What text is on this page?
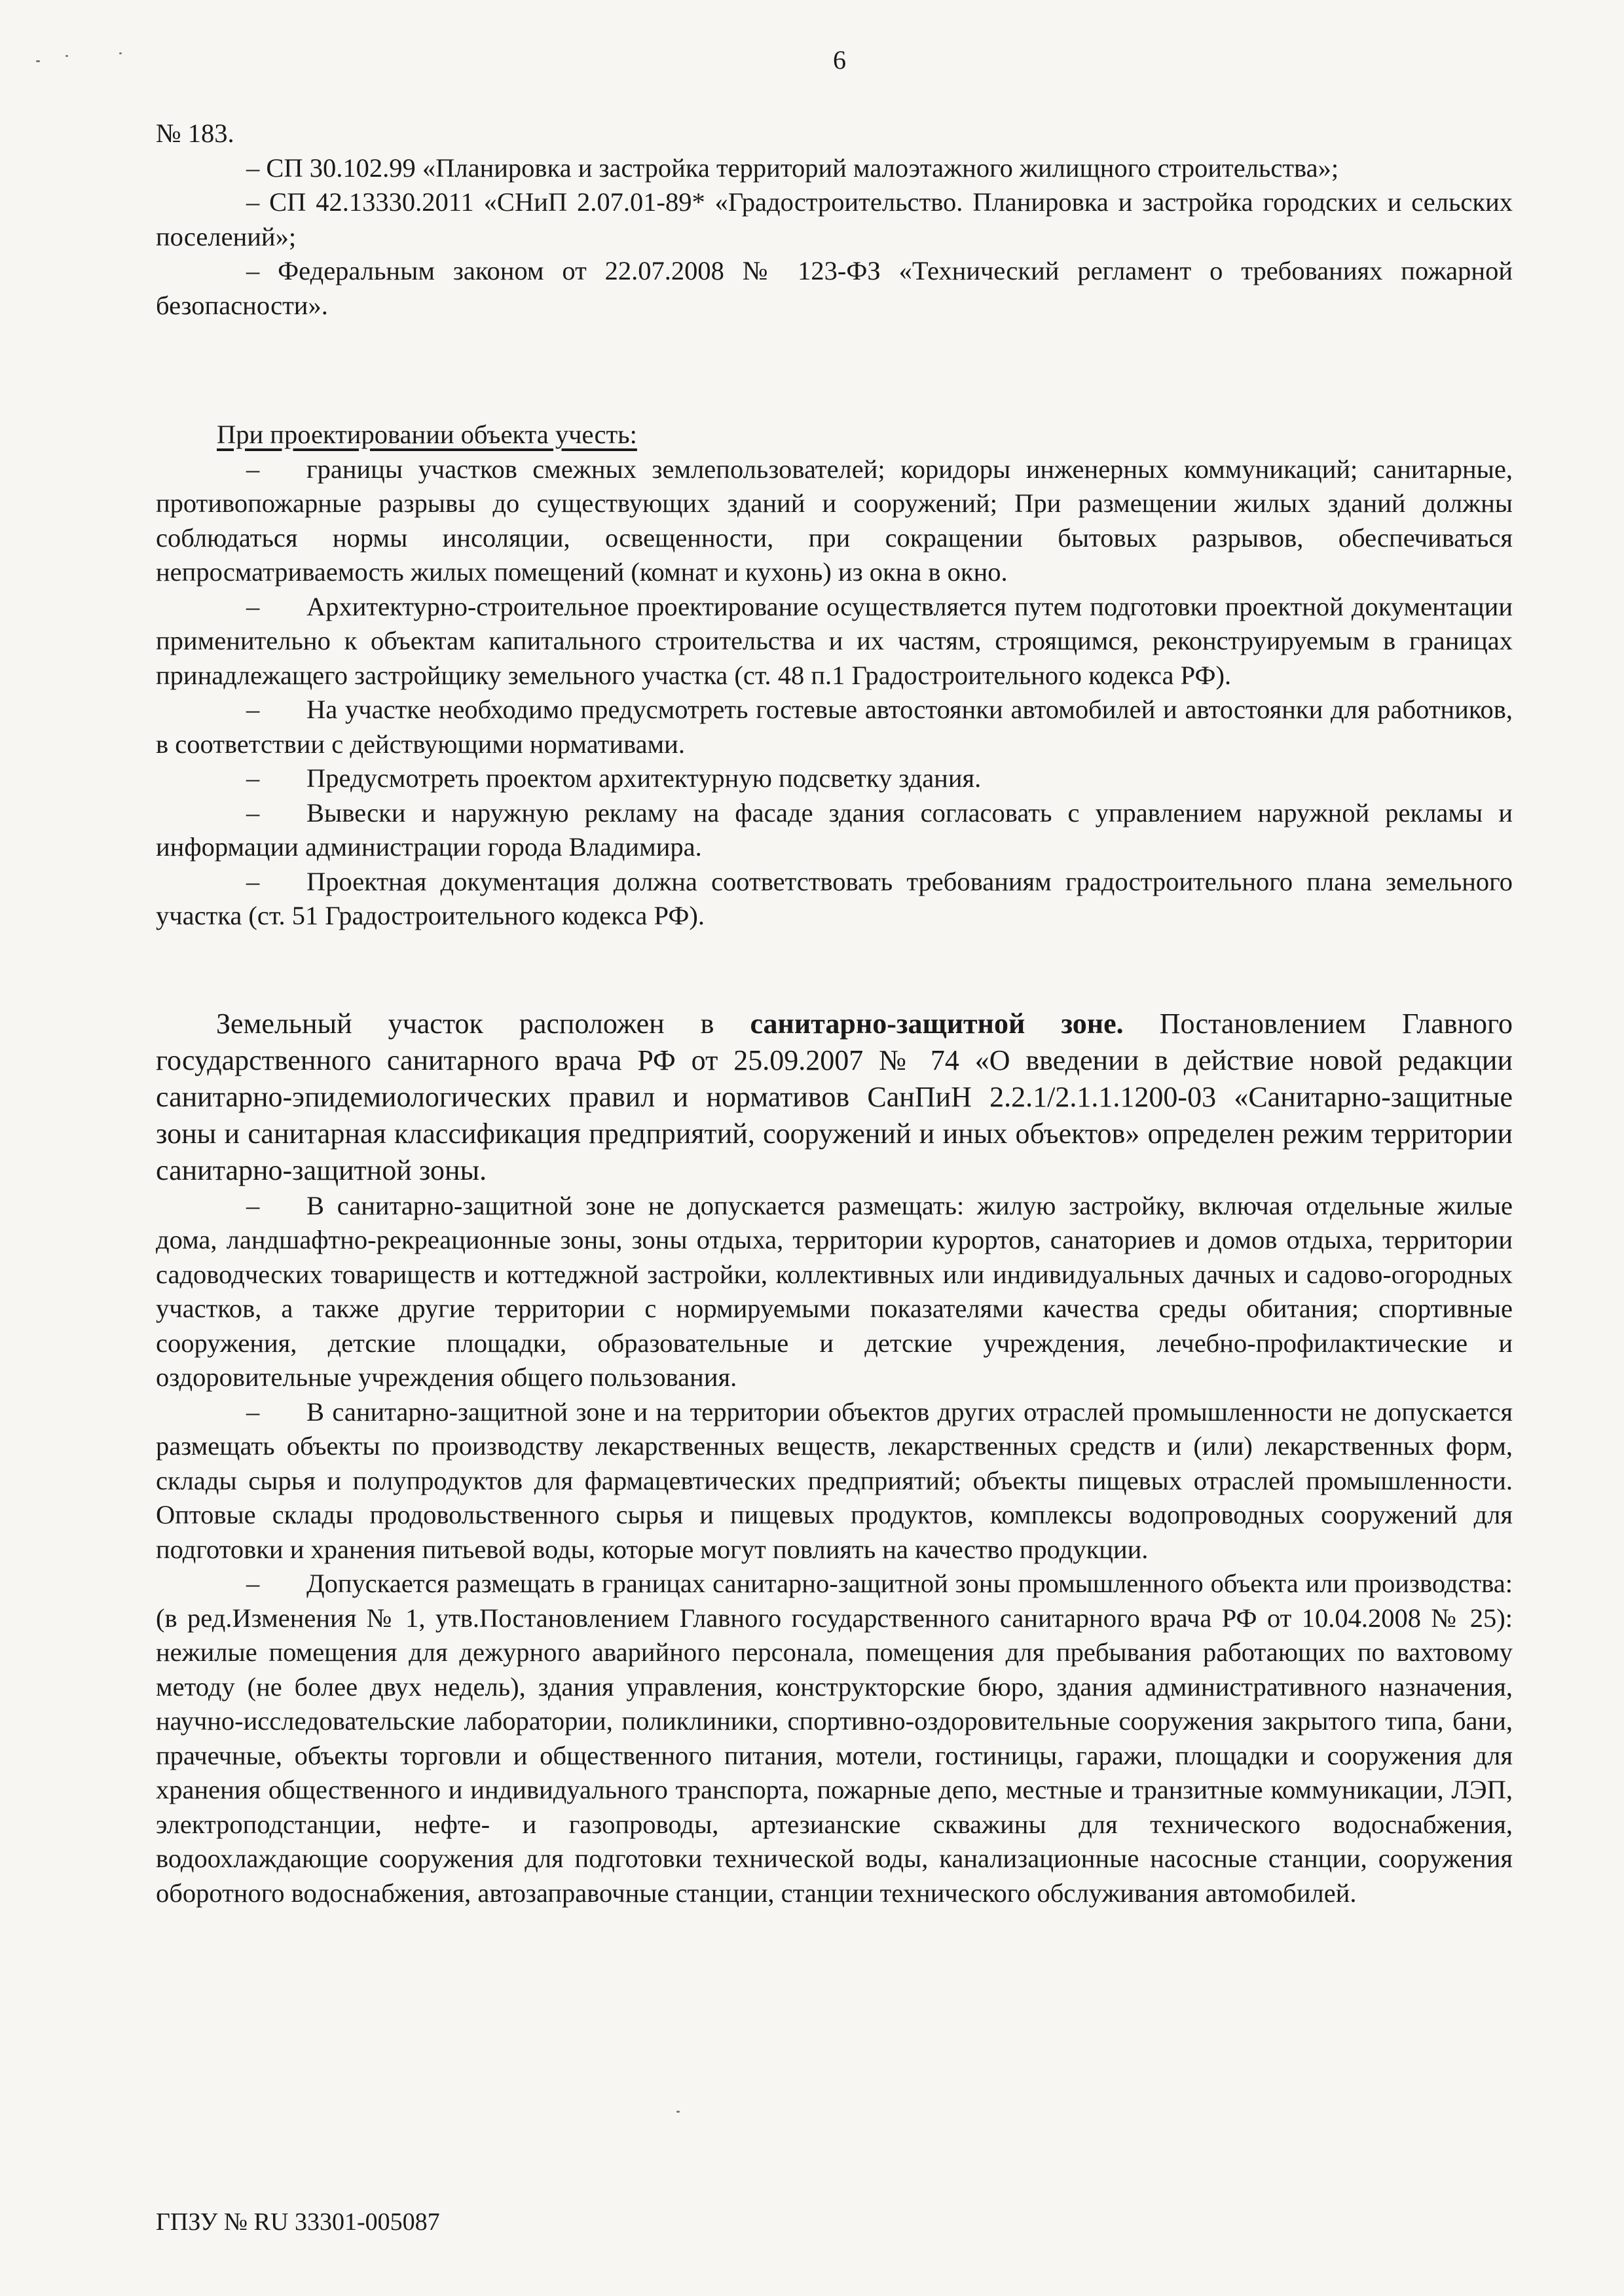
6

№ 183.

– СП 30.102.99 «Планировка и застройка территорий малоэтажного жилищного строительства»;

– СП 42.13330.2011 «СНиП 2.07.01-89* «Градостроительство. Планировка и застройка городских и сельских поселений»;

– Федеральным законом от 22.07.2008 № 123-ФЗ «Технический регламент о требованиях пожарной безопасности».

При проектировании объекта учесть:

– границы участков смежных землепользователей; коридоры инженерных коммуникаций; санитарные, противопожарные разрывы до существующих зданий и сооружений; При размещении жилых зданий должны соблюдаться нормы инсоляции, освещенности, при сокращении бытовых разрывов, обеспечиваться непросматриваемость жилых помещений (комнат и кухонь) из окна в окно.

– Архитектурно-строительное проектирование осуществляется путем подготовки проектной документации применительно к объектам капитального строительства и их частям, строящимся, реконструируемым в границах принадлежащего застройщику земельного участка (ст. 48 п.1 Градостроительного кодекса РФ).

– На участке необходимо предусмотреть гостевые автостоянки автомобилей и автостоянки для работников, в соответствии с действующими нормативами.

– Предусмотреть проектом архитектурную подсветку здания.

– Вывески и наружную рекламу на фасаде здания согласовать с управлением наружной рекламы и информации администрации города Владимира.

– Проектная документация должна соответствовать требованиям градостроительного плана земельного участка (ст. 51 Градостроительного кодекса РФ).

Земельный участок расположен в санитарно-защитной зоне. Постановлением Главного государственного санитарного врача РФ от 25.09.2007 № 74 «О введении в действие новой редакции санитарно-эпидемиологических правил и нормативов СанПиН 2.2.1/2.1.1.1200-03 «Санитарно-защитные зоны и санитарная классификация предприятий, сооружений и иных объектов» определен режим территории санитарно-защитной зоны.

– В санитарно-защитной зоне не допускается размещать: жилую застройку, включая отдельные жилые дома, ландшафтно-рекреационные зоны, зоны отдыха, территории курортов, санаториев и домов отдыха, территории садоводческих товариществ и коттеджной застройки, коллективных или индивидуальных дачных и садово-огородных участков, а также другие территории с нормируемыми показателями качества среды обитания; спортивные сооружения, детские площадки, образовательные и детские учреждения, лечебно-профилактические и оздоровительные учреждения общего пользования.

– В санитарно-защитной зоне и на территории объектов других отраслей промышленности не допускается размещать объекты по производству лекарственных веществ, лекарственных средств и (или) лекарственных форм, склады сырья и полупродуктов для фармацевтических предприятий; объекты пищевых отраслей промышленности. Оптовые склады продовольственного сырья и пищевых продуктов, комплексы водопроводных сооружений для подготовки и хранения питьевой воды, которые могут повлиять на качество продукции.

– Допускается размещать в границах санитарно-защитной зоны промышленного объекта или производства: (в ред.Изменения № 1, утв.Постановлением Главного государственного санитарного врача РФ от 10.04.2008 № 25): нежилые помещения для дежурного аварийного персонала, помещения для пребывания работающих по вахтовому методу (не более двух недель), здания управления, конструкторские бюро, здания административного назначения, научно-исследовательские лаборатории, поликлиники, спортивно-оздоровительные сооружения закрытого типа, бани, прачечные, объекты торговли и общественного питания, мотели, гостиницы, гаражи, площадки и сооружения для хранения общественного и индивидуального транспорта, пожарные депо, местные и транзитные коммуникации, ЛЭП, электроподстанции, нефте- и газопроводы, артезианские скважины для технического водоснабжения, водоохлаждающие сооружения для подготовки технической воды, канализационные насосные станции, сооружения оборотного водоснабжения, автозаправочные станции, станции технического обслуживания автомобилей.

ГПЗУ № RU 33301-005087
